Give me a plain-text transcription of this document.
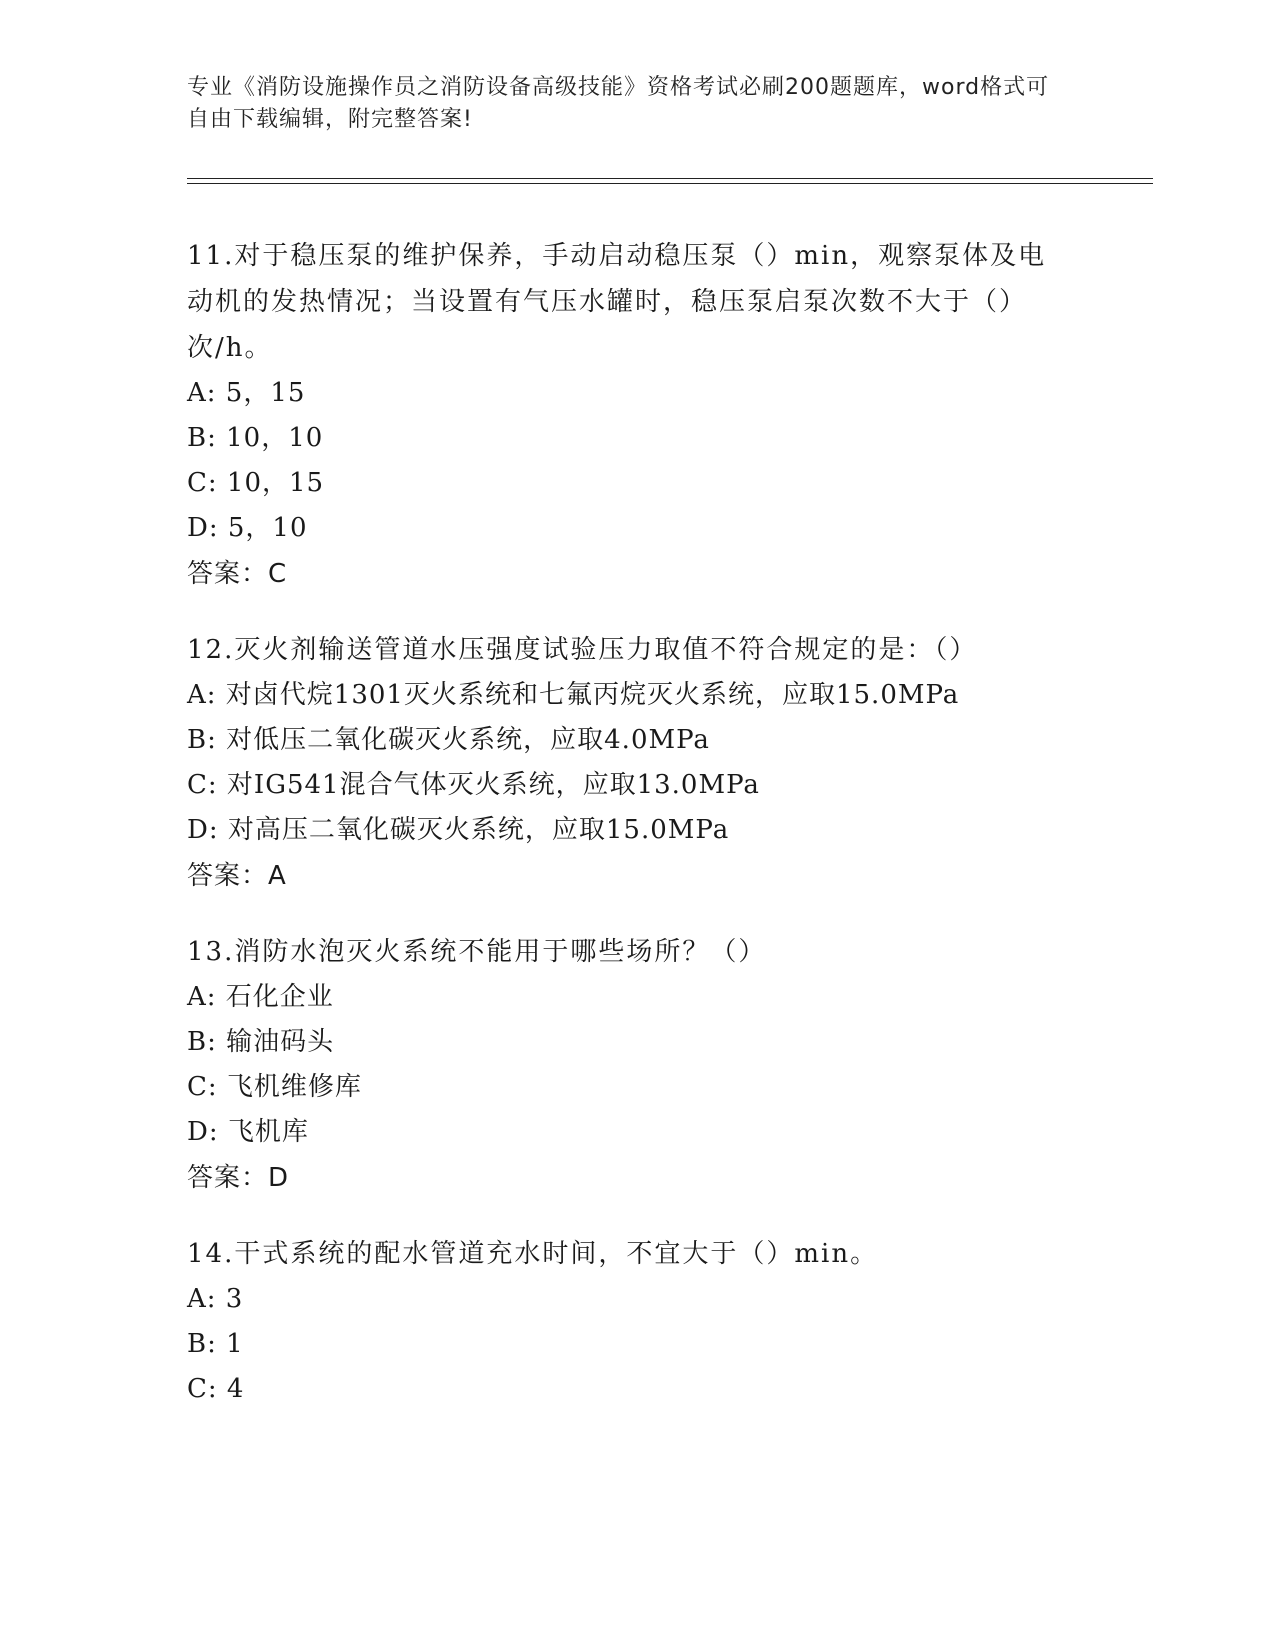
专业《消防设施操作员之消防设备高级技能》资格考试必刷200题题库，word格式可自由下载编辑，附完整答案!
11.对于稳压泵的维护保养，手动启动稳压泵（）min，观察泵体及电动机的发热情况；当设置有气压水罐时，稳压泵启泵次数不大于（）次/h。
A: 5，15
B: 10，10
C: 10，15
D: 5，10
答案：C
12.灭火剂输送管道水压强度试验压力取值不符合规定的是：（）
A: 对卤代烷1301灭火系统和七氟丙烷灭火系统，应取15.0MPa
B: 对低压二氧化碳灭火系统，应取4.0MPa
C: 对IG541混合气体灭火系统，应取13.0MPa
D: 对高压二氧化碳灭火系统，应取15.0MPa
答案：A
13.消防水泡灭火系统不能用于哪些场所？（）
A: 石化企业
B: 输油码头
C: 飞机维修库
D: 飞机库
答案：D
14.干式系统的配水管道充水时间，不宜大于（）min。
A: 3
B: 1
C: 4
